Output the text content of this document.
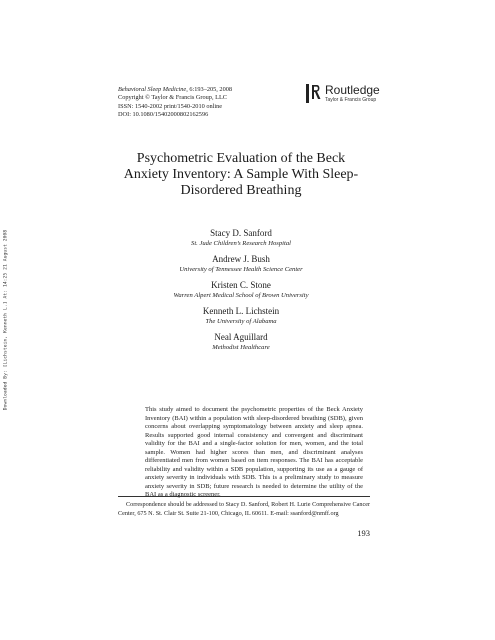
Downloaded By: [Lichstein, Kenneth L.] At: 14:25 21 August 2008
Behavioral Sleep Medicine, 6:193–205, 2008
Copyright © Taylor & Francis Group, LLC
ISSN: 1540-2002 print/1540-2010 online
DOI: 10.1080/15402000802162596
Routledge
Taylor & Francis Group
Psychometric Evaluation of the Beck Anxiety Inventory: A Sample With Sleep-Disordered Breathing
Stacy D. Sanford
St. Jude Children’s Research Hospital
Andrew J. Bush
University of Tennessee Health Science Center
Kristen C. Stone
Warren Alpert Medical School of Brown University
Kenneth L. Lichstein
The University of Alabama
Neal Aguillard
Methodist Healthcare
This study aimed to document the psychometric properties of the Beck Anxiety Inventory (BAI) within a population with sleep-disordered breathing (SDB), given concerns about overlapping symptomatology between anxiety and sleep apnea. Results supported good internal consistency and convergent and discriminant validity for the BAI and a single-factor solution for men, women, and the total sample. Women had higher scores than men, and discriminant analyses differentiated men from women based on item responses. The BAI has acceptable reliability and validity within a SDB population, supporting its use as a gauge of anxiety severity in individuals with SDB. This is a preliminary study to measure anxiety severity in SDB; future research is needed to determine the utility of the BAI as a diagnostic screener.
Correspondence should be addressed to Stacy D. Sanford, Robert H. Lurie Comprehensive Cancer Center, 675 N. St. Clair St. Suite 21-100, Chicago, IL 60611. E-mail: ssanford@nmff.org
193
